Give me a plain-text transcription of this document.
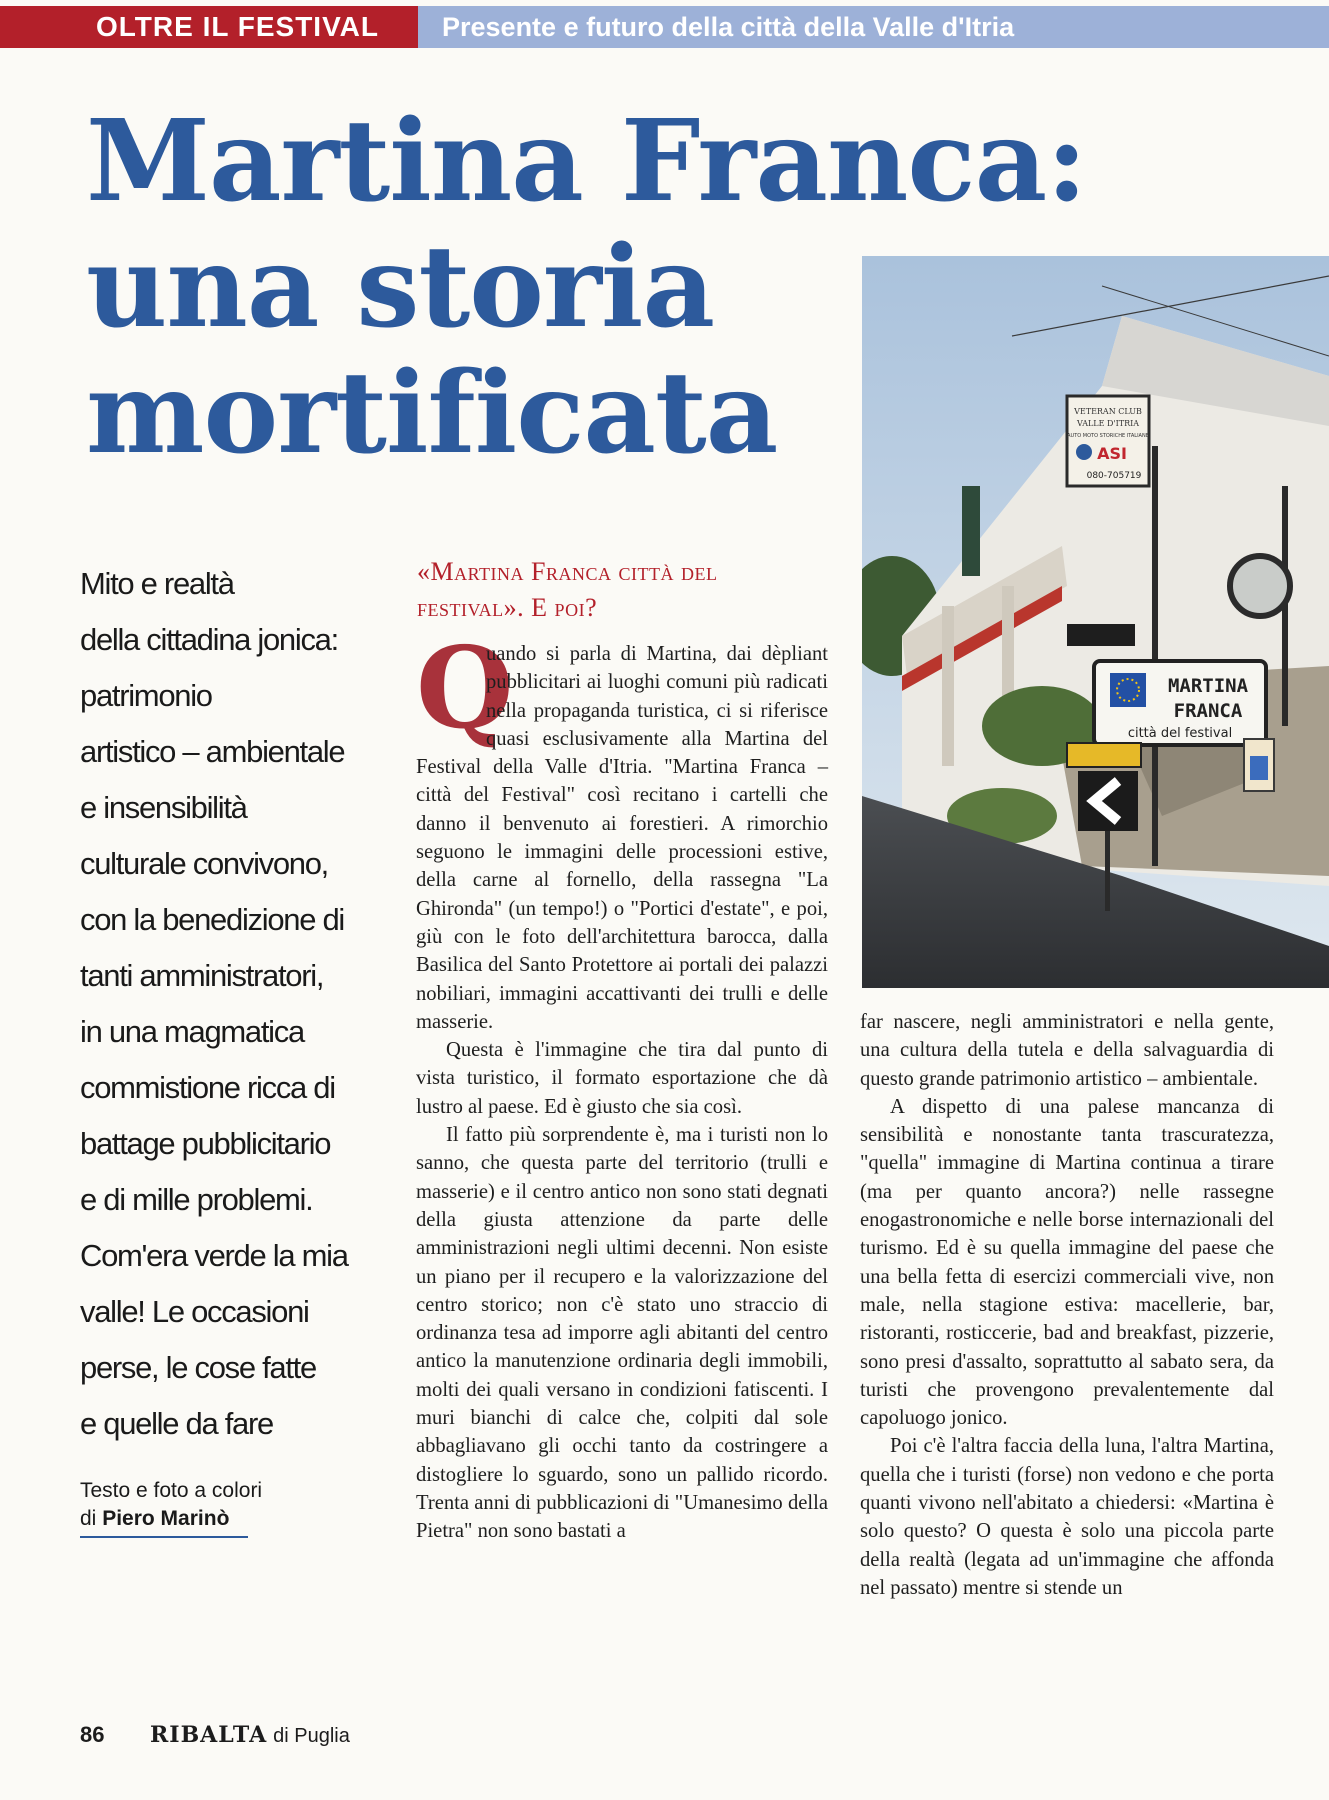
OLTRE IL FESTIVAL	Presente e futuro della città della Valle d'Itria
Martina Franca:
una storia
mortificata
Mito e realtà
della cittadina jonica:
patrimonio
artistico – ambientale
e insensibilità
culturale convivono,
con la benedizione di
tanti amministratori,
in una magmatica
commistione ricca di
battage pubblicitario
e di mille problemi.
Com'era verde la mia
valle! Le occasioni
perse, le cose fatte
e quelle da fare
Testo e foto a colori
di Piero Marinò
«Martina Franca città del festival». E poi?

Q
uando si parla di Martina, dai dèpliant pubblicitari ai luoghi comuni più radicati nella propaganda turistica, ci si riferisce quasi esclusivamente alla Martina del Festival della Valle d'Itria. "Martina Franca – città del Festival" così recitano i cartelli che danno il benvenuto ai forestieri. A rimorchio seguono le immagini delle processioni estive, della carne al fornello, della rassegna "La Ghironda" (un tempo!) o "Portici d'estate", e poi, giù con le foto dell'architettura barocca, dalla Basilica del Santo Protettore ai portali dei palazzi nobiliari, immagini accattivanti dei trulli e delle masserie.

Questa è l'immagine che tira dal punto di vista turistico, il formato esportazione che dà lustro al paese. Ed è giusto che sia così.

Il fatto più sorprendente è, ma i turisti non lo sanno, che questa parte del territorio (trulli e masserie) e il centro antico non sono stati degnati della giusta attenzione da parte delle amministrazioni negli ultimi decenni. Non esiste un piano per il recupero e la valorizzazione del centro storico; non c'è stato uno straccio di ordinanza tesa ad imporre agli abitanti del centro antico la manutenzione ordinaria degli immobili, molti dei quali versano in condizioni fatiscenti. I muri bianchi di calce che, colpiti dal sole abbagliavano gli occhi tanto da costringere a distogliere lo sguardo, sono un pallido ricordo. Trenta anni di pubblicazioni di "Umanesimo della Pietra" non sono bastati a

VETERAN CLUB
VALLE D'ITRIA
AUTO MOTO STORICHE ITALIANE
ASI
080-705719
MARTINA
FRANCA
città del festival

far nascere, negli amministratori e nella gente, una cultura della tutela e della salvaguardia di questo grande patrimonio artistico – ambientale.

A dispetto di una palese mancanza di sensibilità e nonostante tanta trascuratezza, "quella" immagine di Martina continua a tirare (ma per quanto ancora?) nelle rassegne enogastronomiche e nelle borse internazionali del turismo. Ed è su quella immagine del paese che una bella fetta di esercizi commerciali vive, non male, nella stagione estiva: macellerie, bar, ristoranti, rosticcerie, bad and breakfast, pizzerie, sono presi d'assalto, soprattutto al sabato sera, da turisti che provengono prevalentemente dal capoluogo jonico.

Poi c'è l'altra faccia della luna, l'altra Martina, quella che i turisti (forse) non vedono e che porta quanti vivono nell'abitato a chiedersi: «Martina è solo questo? O questa è solo una piccola parte della realtà (legata ad un'immagine che affonda nel passato) mentre si stende un

86 RIBALTA di Puglia
